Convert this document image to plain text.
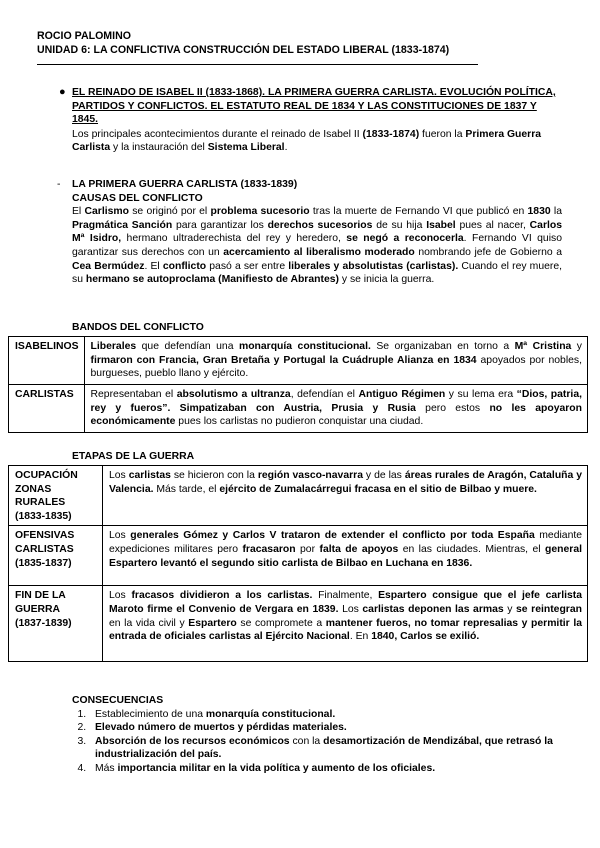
ROCIO PALOMINO
UNIDAD 6: LA CONFLICTIVA CONSTRUCCIÓN DEL ESTADO LIBERAL (1833-1874)
● EL REINADO DE ISABEL II (1833-1868). LA PRIMERA GUERRA CARLISTA. EVOLUCIÓN POLÍTICA, PARTIDOS Y CONFLICTOS. EL ESTATUTO REAL DE 1834 Y LAS CONSTITUCIONES DE 1837 Y 1845.
Los principales acontecimientos durante el reinado de Isabel II (1833-1874) fueron la Primera Guerra Carlista y la instauración del Sistema Liberal.
- LA PRIMERA GUERRA CARLISTA (1833-1839)
CAUSAS DEL CONFLICTO
El Carlismo se originó por el problema sucesorio tras la muerte de Fernando VI que publicó en 1830 la Pragmática Sanción para garantizar los derechos sucesorios de su hija Isabel pues al nacer, Carlos Mª Isidro, hermano ultraderechista del rey y heredero, se negó a reconocerla. Fernando VI quiso garantizar sus derechos con un acercamiento al liberalismo moderado nombrando jefe de Gobierno a Cea Bermúdez. El conflicto pasó a ser entre liberales y absolutistas (carlistas). Cuando el rey muere, su hermano se autoproclama (Manifiesto de Abrantes) y se inicia la guerra.
BANDOS DEL CONFLICTO
ISABELINOS	Liberales que defendían una monarquía constitucional. Se organizaban en torno a Mª Cristina y firmaron con Francia, Gran Bretaña y Portugal la Cuádruple Alianza en 1834 apoyados por nobles, burgueses, pueblo llano y ejército.
CARLISTAS	Representaban el absolutismo a ultranza, defendían el Antiguo Régimen y su lema era “Dios, patria, rey y fueros”. Simpatizaban con Austria, Prusia y Rusia pero estos no les apoyaron económicamente pues los carlistas no pudieron conquistar una ciudad.
ETAPAS DE LA GUERRA
OCUPACIÓN ZONAS RURALES
(1833-1835)	Los carlistas se hicieron con la región vasco-navarra y de las áreas rurales de Aragón, Cataluña y Valencia. Más tarde, el ejército de Zumalacárregui fracasa en el sitio de Bilbao y muere.

OFENSIVAS CARLISTAS
(1835-1837)	Los generales Gómez y Carlos V trataron de extender el conflicto por toda España mediante expediciones militares pero fracasaron por falta de apoyos en las ciudades. Mientras, el general Espartero levantó el segundo sitio carlista de Bilbao en Luchana en 1836.

FIN DE LA GUERRA
(1837-1839)	Los fracasos dividieron a los carlistas. Finalmente, Espartero consigue que el jefe carlista Maroto firme el Convenio de Vergara en 1839. Los carlistas deponen las armas y se reintegran en la vida civil y Espartero se compromete a mantener fueros, no tomar represalias y permitir la entrada de oficiales carlistas al Ejército Nacional. En 1840, Carlos se exilió.
CONSECUENCIAS
1. Establecimiento de una monarquía constitucional.
2. Elevado número de muertos y pérdidas materiales.
3. Absorción de los recursos económicos con la desamortización de Mendizábal, que retrasó la industrialización del país.
4. Más importancia militar en la vida política y aumento de los oficiales.
